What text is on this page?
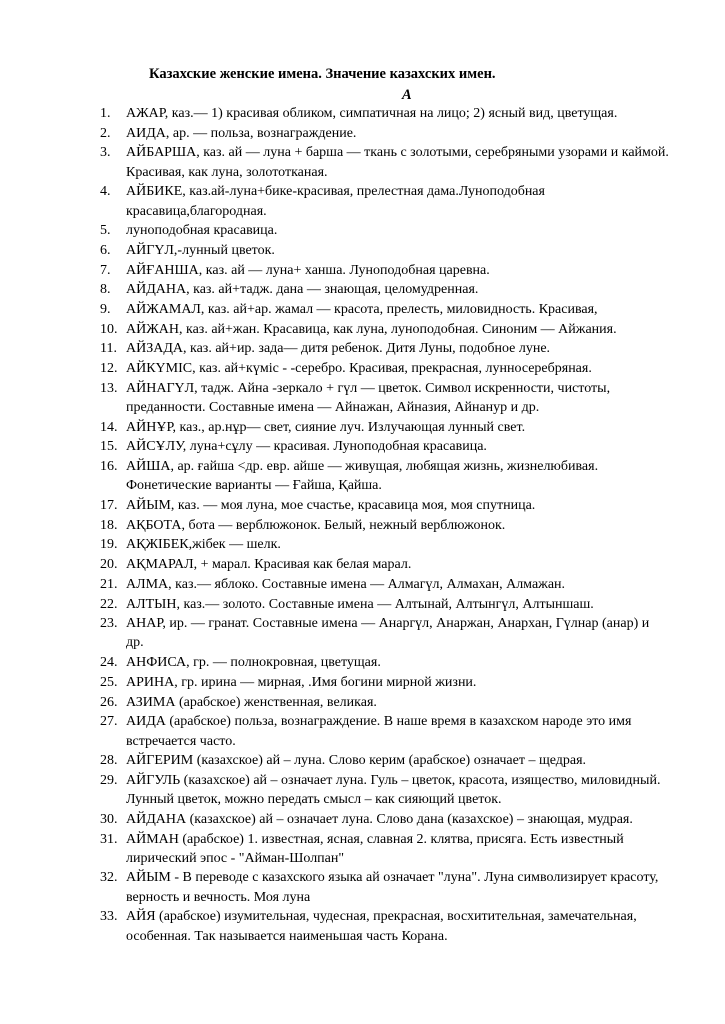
Казахские женские имена. Значение казахских имен.
А
1.	АЖАР, каз.— 1) красивая обликом, симпатичная на лицо; 2) ясный вид, цветущая.
2.	АИДА, ар. — польза, вознаграждение.
3.	АЙБАРША, каз. ай — луна + барша — ткань с золотыми, серебряными узорами и каймой. Красивая, как луна, золототканая.
4.	АЙБИКЕ, каз.ай-луна+бике-красивая, прелестная дама.Луноподобная красавица,благородная.
5.	луноподобная красавица.
6.	АЙГҮЛ,-лунный цветок.
7.	АЙҒАНША, каз. ай — луна+ ханша. Луноподобная царевна.
8.	АЙДАНА, каз. ай+тадж. дана — знающая, целомудренная.
9.	АЙЖАМАЛ, каз. ай+ар. жамал — красота, прелесть, миловидность. Красивая,
10. АЙЖАН, каз. ай+жан. Красавица, как луна, луноподобная. Синоним — Айжания.
11. АЙЗАДА, каз. ай+ир. зада— дитя ребенок. Дитя Луны, подобное луне.
12. АЙКҮМІС, каз. ай+күміс - -серебро. Красивая, прекрасная, лунносеребряная.
13. АЙНАГҮЛ, тадж. Айна -зеркало + гүл — цветок. Символ искренности, чистоты, преданности. Составные имена — Айнажан, Айназия, Айнанур и др.
14. АЙНҰР, каз., ар.нұр— свет, сияние луч. Излучающая лунный свет.
15. АЙСҰЛУ, луна+сұлу — красивая. Луноподобная красавица.
16. АЙША, ар. ғайша <др. евр. айше — живущая, любящая жизнь, жизнелюбивая. Фонетические варианты — Ғайша, Қайша.
17. АЙЫМ, каз. — моя луна, мое счастье, красавица моя, моя спутница.
18. АҚБОТА, бота — верблюжонок. Белый, нежный верблюжонок.
19. АҚЖІБЕК,жібек — шелк.
20. АҚМАРАЛ, + марал. Красивая как белая марал.
21. АЛМА, каз.— яблоко. Составные имена — Алмагүл, Алмахан, Алмажан.
22. АЛТЫН, каз.— золото. Составные имена — Алтынай, Алтынгүл, Алтыншаш.
23. АНАР, ир. — гранат. Составные имена — Анаргүл, Анаржан, Анархан, Гүлнар (анар) и др.
24. АНФИСА, гр. — полнокровная, цветущая.
25. АРИНА, гр. ирина — мирная, .Имя богини мирной жизни.
26. АЗИМА (арабское) женственная, великая.
27. АИДА (арабское) польза, вознаграждение. В наше время в казахском народе это имя встречается часто.
28. АЙГЕРИМ (казахское) ай – луна. Слово керим (арабское) означает – щедрая.
29. АЙГУЛЬ (казахское) ай – означает луна. Гуль – цветок, красота, изящество, миловидный. Лунный цветок, можно передать смысл – как сияющий цветок.
30. АЙДАНА (казахское) ай – означает луна. Слово дана (казахское) – знающая, мудрая.
31. АЙМАН (арабское) 1. известная, ясная, славная 2. клятва, присяга. Есть известный лирический эпос - "Айман-Шолпан"
32. АЙЫМ - В переводе с казахского языка ай означает "луна". Луна символизирует красоту, верность и вечность. Моя луна
33. АЙЯ (арабское) изумительная, чудесная, прекрасная, восхитительная, замечательная, особенная. Так называется наименьшая часть Корана.
